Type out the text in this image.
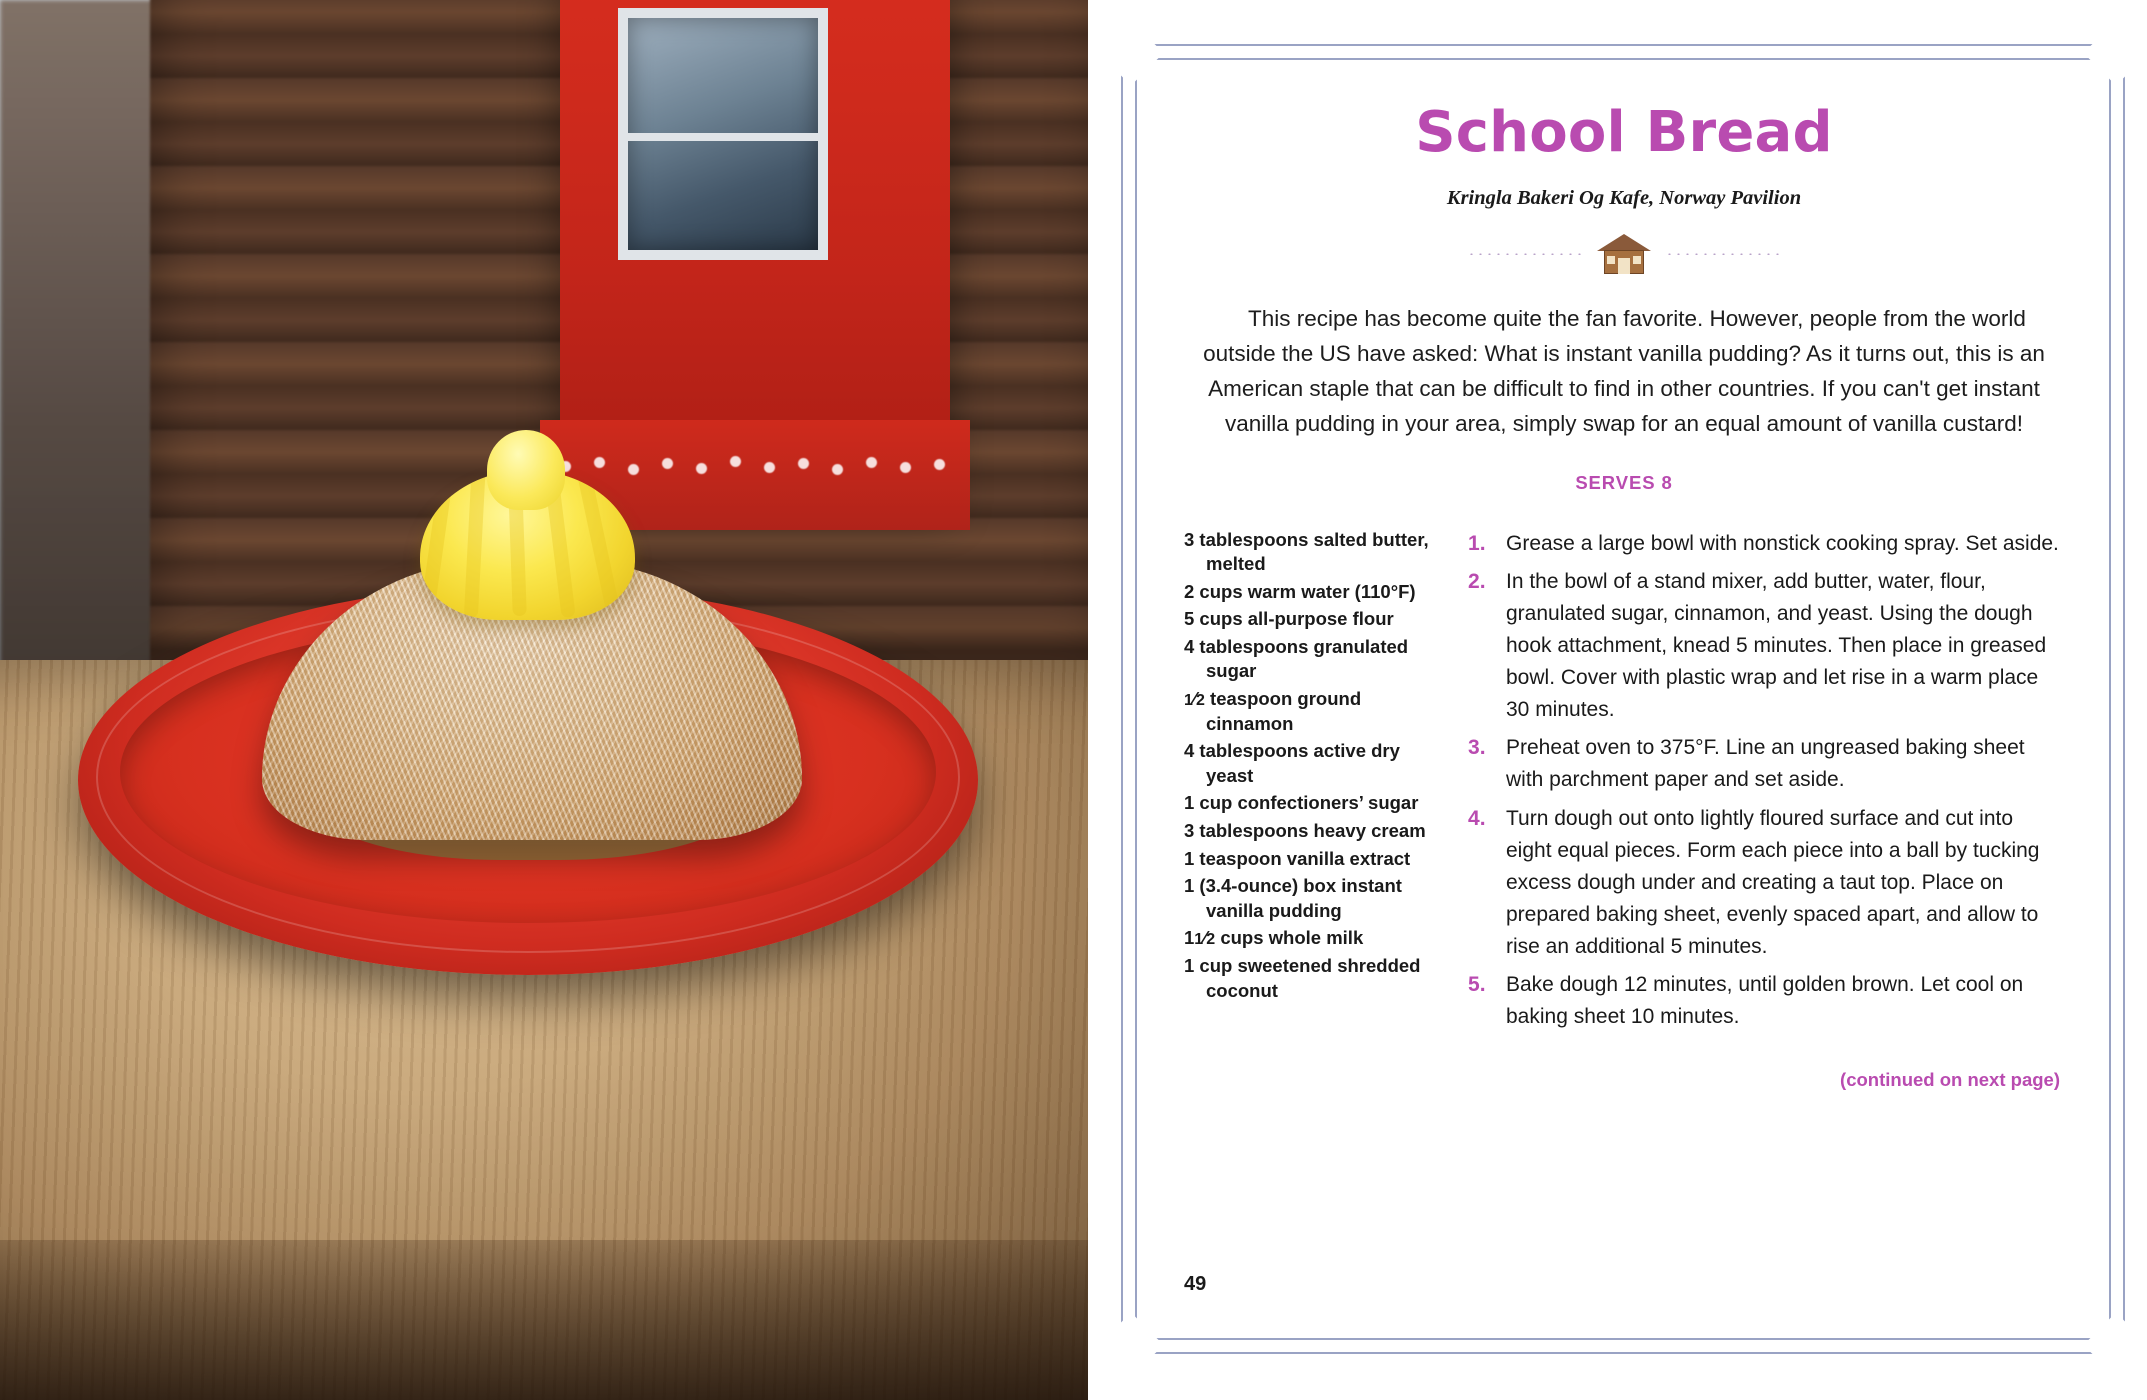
School Bread
Kringla Bakeri Og Kafe, Norway Pavilion

This recipe has become quite the fan favorite. However, people from the world outside the US have asked: What is instant vanilla pudding? As it turns out, this is an American staple that can be difficult to find in other countries. If you can't get instant vanilla pudding in your area, simply swap for an equal amount of vanilla custard!

SERVES 8
3 tablespoons salted butter, melted
2 cups warm water (110°F)
5 cups all-purpose flour
4 tablespoons granulated sugar
1⁄2 teaspoon ground cinnamon
4 tablespoons active dry yeast
1 cup confectioners’ sugar
3 tablespoons heavy cream
1 teaspoon vanilla extract
1 (3.4-ounce) box instant vanilla pudding
11⁄2 cups whole milk
1 cup sweetened shredded coconut
Grease a large bowl with nonstick cooking spray. Set aside.
In the bowl of a stand mixer, add butter, water, flour, granulated sugar, cinnamon, and yeast. Using the dough hook attachment, knead 5 minutes. Then place in greased bowl. Cover with plastic wrap and let rise in a warm place 30 minutes.
Preheat oven to 375°F. Line an ungreased baking sheet with parchment paper and set aside.
Turn dough out onto lightly floured surface and cut into eight equal pieces. Form each piece into a ball by tucking excess dough under and creating a taut top. Place on prepared baking sheet, evenly spaced apart, and allow to rise an additional 5 minutes.
Bake dough 12 minutes, until golden brown. Let cool on baking sheet 10 minutes.
(continued on next page)
49
